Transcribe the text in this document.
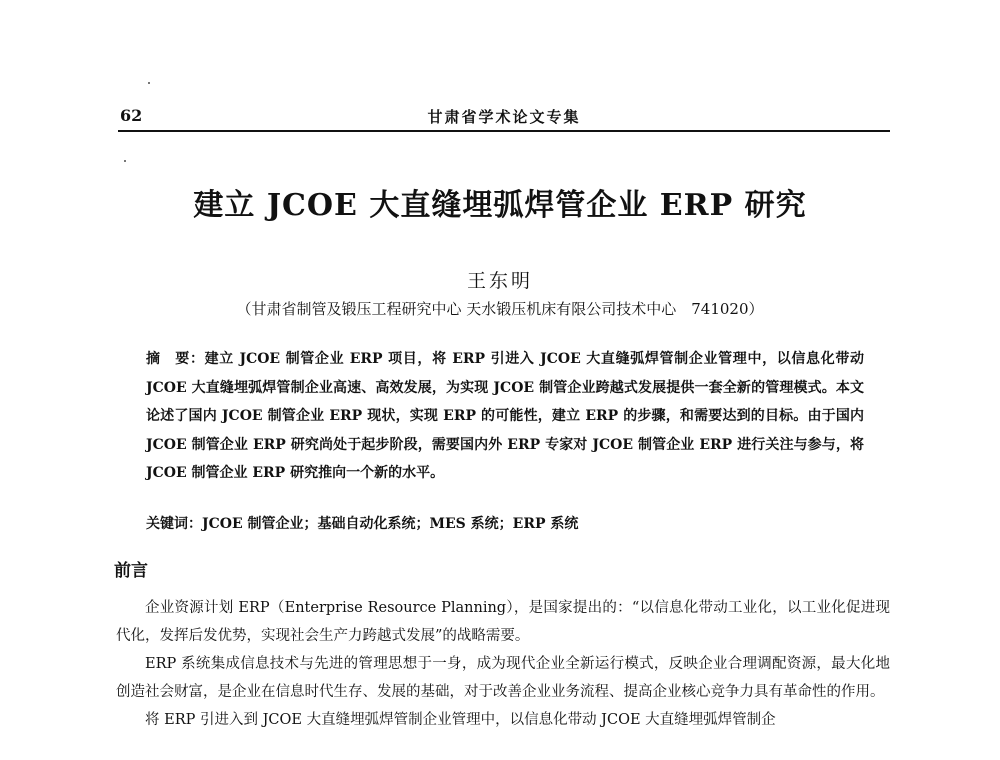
62	甘肃省学术论文专集
建立 JCOE 大直缝埋弧焊管企业 ERP 研究
王东明
（甘肃省制管及锻压工程研究中心 天水锻压机床有限公司技术中心　741020）
摘　要：建立 JCOE 制管企业 ERP 项目，将 ERP 引进入 JCOE 大直缝弧焊管制企业管理中，以信息化带动 JCOE 大直缝埋弧焊管制企业高速、高效发展，为实现 JCOE 制管企业跨越式发展提供一套全新的管理模式。本文论述了国内 JCOE 制管企业 ERP 现状，实现 ERP 的可能性，建立 ERP 的步骤，和需要达到的目标。由于国内 JCOE 制管企业 ERP 研究尚处于起步阶段，需要国内外 ERP 专家对 JCOE 制管企业 ERP 进行关注与参与，将 JCOE 制管企业 ERP 研究推向一个新的水平。
关键词：JCOE 制管企业；基础自动化系统；MES 系统；ERP 系统
前言

企业资源计划 ERP（Enterprise Resource Planning），是国家提出的：“以信息化带动工业化，以工业化促进现代化，发挥后发优势，实现社会生产力跨越式发展”的战略需要。

ERP 系统集成信息技术与先进的管理思想于一身，成为现代企业全新运行模式，反映企业合理调配资源，最大化地创造社会财富，是企业在信息时代生存、发展的基础，对于改善企业业务流程、提高企业核心竞争力具有革命性的作用。

将 ERP 引进入到 JCOE 大直缝埋弧焊管制企业管理中，以信息化带动 JCOE 大直缝埋弧焊管制企
